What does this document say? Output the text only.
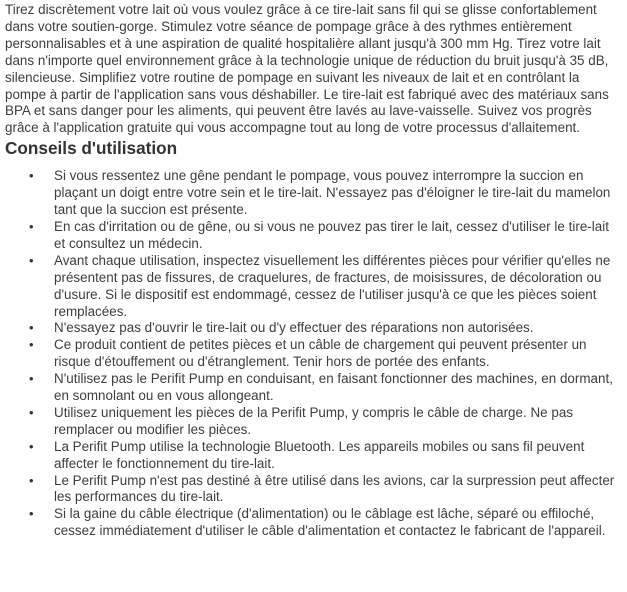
Tirez discrètement votre lait où vous voulez grâce à ce tire-lait sans fil qui se glisse confortablement dans votre soutien-gorge. Stimulez votre séance de pompage grâce à des rythmes entièrement personnalisables et à une aspiration de qualité hospitalière allant jusqu'à 300 mm Hg. Tirez votre lait dans n'importe quel environnement grâce à la technologie unique de réduction du bruit jusqu'à 35 dB, silencieuse. Simplifiez votre routine de pompage en suivant les niveaux de lait et en contrôlant la pompe à partir de l'application sans vous déshabiller. Le tire-lait est fabriqué avec des matériaux sans BPA et sans danger pour les aliments, qui peuvent être lavés au lave-vaisselle. Suivez vos progrès grâce à l'application gratuite qui vous accompagne tout au long de votre processus d'allaitement.

Conseils d'utilisation
• Si vous ressentez une gêne pendant le pompage, vous pouvez interrompre la succion en plaçant un doigt entre votre sein et le tire-lait. N'essayez pas d'éloigner le tire-lait du mamelon tant que la succion est présente.
• En cas d'irritation ou de gêne, ou si vous ne pouvez pas tirer le lait, cessez d'utiliser le tire-lait et consultez un médecin.
• Avant chaque utilisation, inspectez visuellement les différentes pièces pour vérifier qu'elles ne présentent pas de fissures, de craquelures, de fractures, de moisissures, de décoloration ou d'usure. Si le dispositif est endommagé, cessez de l'utiliser jusqu'à ce que les pièces soient remplacées.
• N'essayez pas d'ouvrir le tire-lait ou d'y effectuer des réparations non autorisées.
• Ce produit contient de petites pièces et un câble de chargement qui peuvent présenter un risque d'étouffement ou d'étranglement. Tenir hors de portée des enfants.
• N'utilisez pas le Perifit Pump en conduisant, en faisant fonctionner des machines, en dormant, en somnolant ou en vous allongeant.
• Utilisez uniquement les pièces de la Perifit Pump, y compris le câble de charge. Ne pas remplacer ou modifier les pièces.
• La Perifit Pump utilise la technologie Bluetooth. Les appareils mobiles ou sans fil peuvent affecter le fonctionnement du tire-lait.
• Le Perifit Pump n'est pas destiné à être utilisé dans les avions, car la surpression peut affecter les performances du tire-lait.
• Si la gaine du câble électrique (d'alimentation) ou le câblage est lâche, séparé ou effiloché, cessez immédiatement d'utiliser le câble d'alimentation et contactez le fabricant de l'appareil.
